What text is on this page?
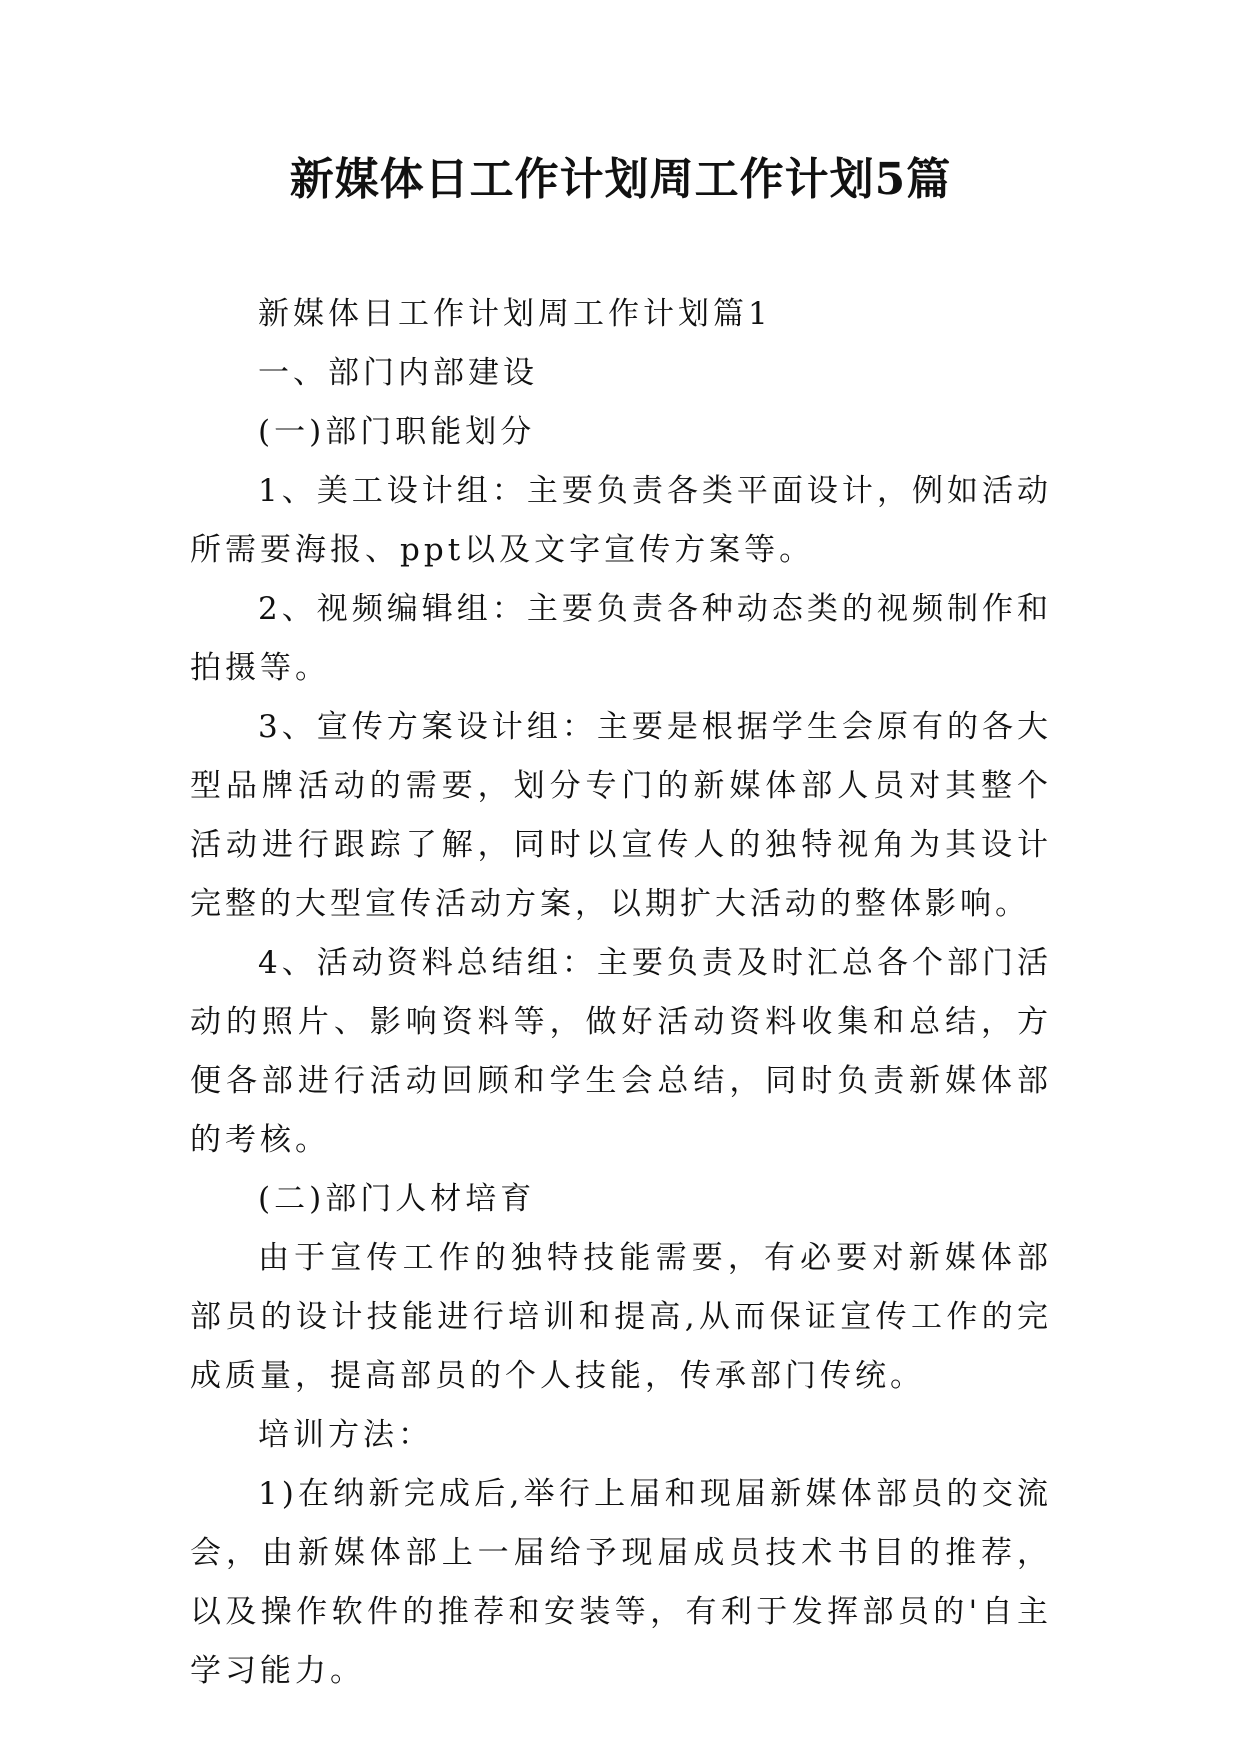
新媒体日工作计划周工作计划5篇

新媒体日工作计划周工作计划篇1

一、部门内部建设

(一)部门职能划分

1、美工设计组：主要负责各类平面设计，例如活动所需要海报、ppt以及文字宣传方案等。

2、视频编辑组：主要负责各种动态类的视频制作和拍摄等。

3、宣传方案设计组：主要是根据学生会原有的各大型品牌活动的需要，划分专门的新媒体部人员对其整个活动进行跟踪了解，同时以宣传人的独特视角为其设计完整的大型宣传活动方案，以期扩大活动的整体影响。

4、活动资料总结组：主要负责及时汇总各个部门活动的照片、影响资料等，做好活动资料收集和总结，方便各部进行活动回顾和学生会总结，同时负责新媒体部的考核。

(二)部门人材培育

由于宣传工作的独特技能需要，有必要对新媒体部部员的设计技能进行培训和提高,从而保证宣传工作的完成质量，提高部员的个人技能，传承部门传统。

培训方法：

1)在纳新完成后,举行上届和现届新媒体部员的交流会，由新媒体部上一届给予现届成员技术书目的推荐，以及操作软件的推荐和安装等，有利于发挥部员的'自主学习能力。
